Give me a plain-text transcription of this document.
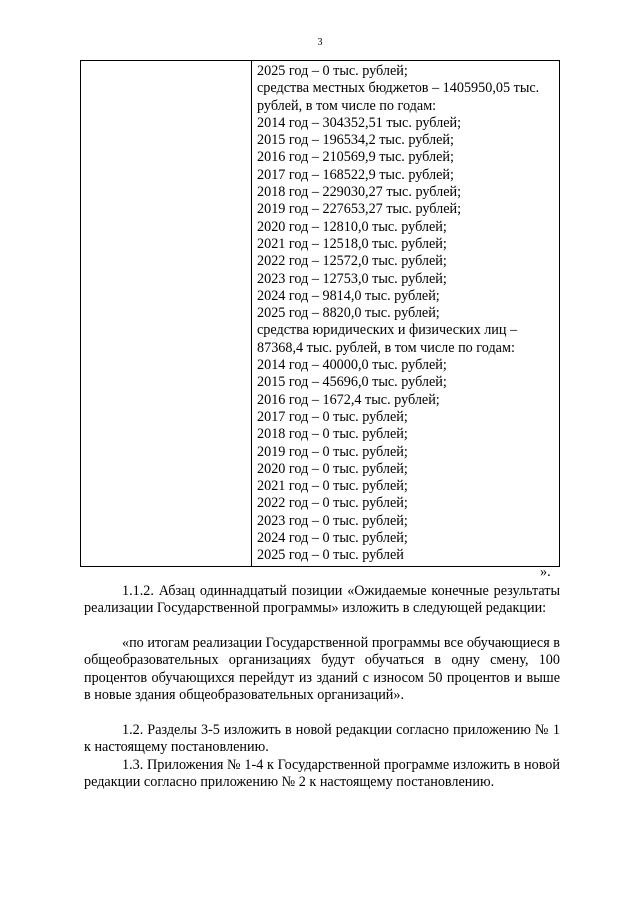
3
2025 год – 0 тыс. рублей;
средства местных бюджетов – 1405950,05 тыс.
рублей, в том числе по годам:
2014 год – 304352,51 тыс. рублей;
2015 год – 196534,2 тыс. рублей;
2016 год – 210569,9 тыс. рублей;
2017 год – 168522,9 тыс. рублей;
2018 год – 229030,27 тыс. рублей;
2019 год – 227653,27 тыс. рублей;
2020 год – 12810,0 тыс. рублей;
2021 год – 12518,0 тыс. рублей;
2022 год – 12572,0 тыс. рублей;
2023 год – 12753,0 тыс. рублей;
2024 год – 9814,0 тыс. рублей;
2025 год – 8820,0 тыс. рублей;
средства юридических и физических лиц –
87368,4 тыс. рублей, в том числе по годам:
2014 год – 40000,0 тыс. рублей;
2015 год – 45696,0 тыс. рублей;
2016 год – 1672,4 тыс. рублей;
2017 год – 0 тыс. рублей;
2018 год – 0 тыс. рублей;
2019 год – 0 тыс. рублей;
2020 год – 0 тыс. рублей;
2021 год – 0 тыс. рублей;
2022 год – 0 тыс. рублей;
2023 год – 0 тыс. рублей;
2024 год – 0 тыс. рублей;
2025 год – 0 тыс. рублей
».
1.1.2. Абзац одиннадцатый позиции «Ожидаемые конечные результаты реализации Государственной программы» изложить в следующей редакции:
«по итогам реализации Государственной программы все обучающиеся в общеобразовательных организациях будут обучаться в одну смену, 100 процентов обучающихся перейдут из зданий с износом 50 процентов и выше в новые здания общеобразовательных организаций».
1.2. Разделы 3-5 изложить в новой редакции согласно приложению № 1 к настоящему постановлению.
1.3. Приложения № 1-4 к Государственной программе изложить в новой редакции согласно приложению № 2 к настоящему постановлению.
